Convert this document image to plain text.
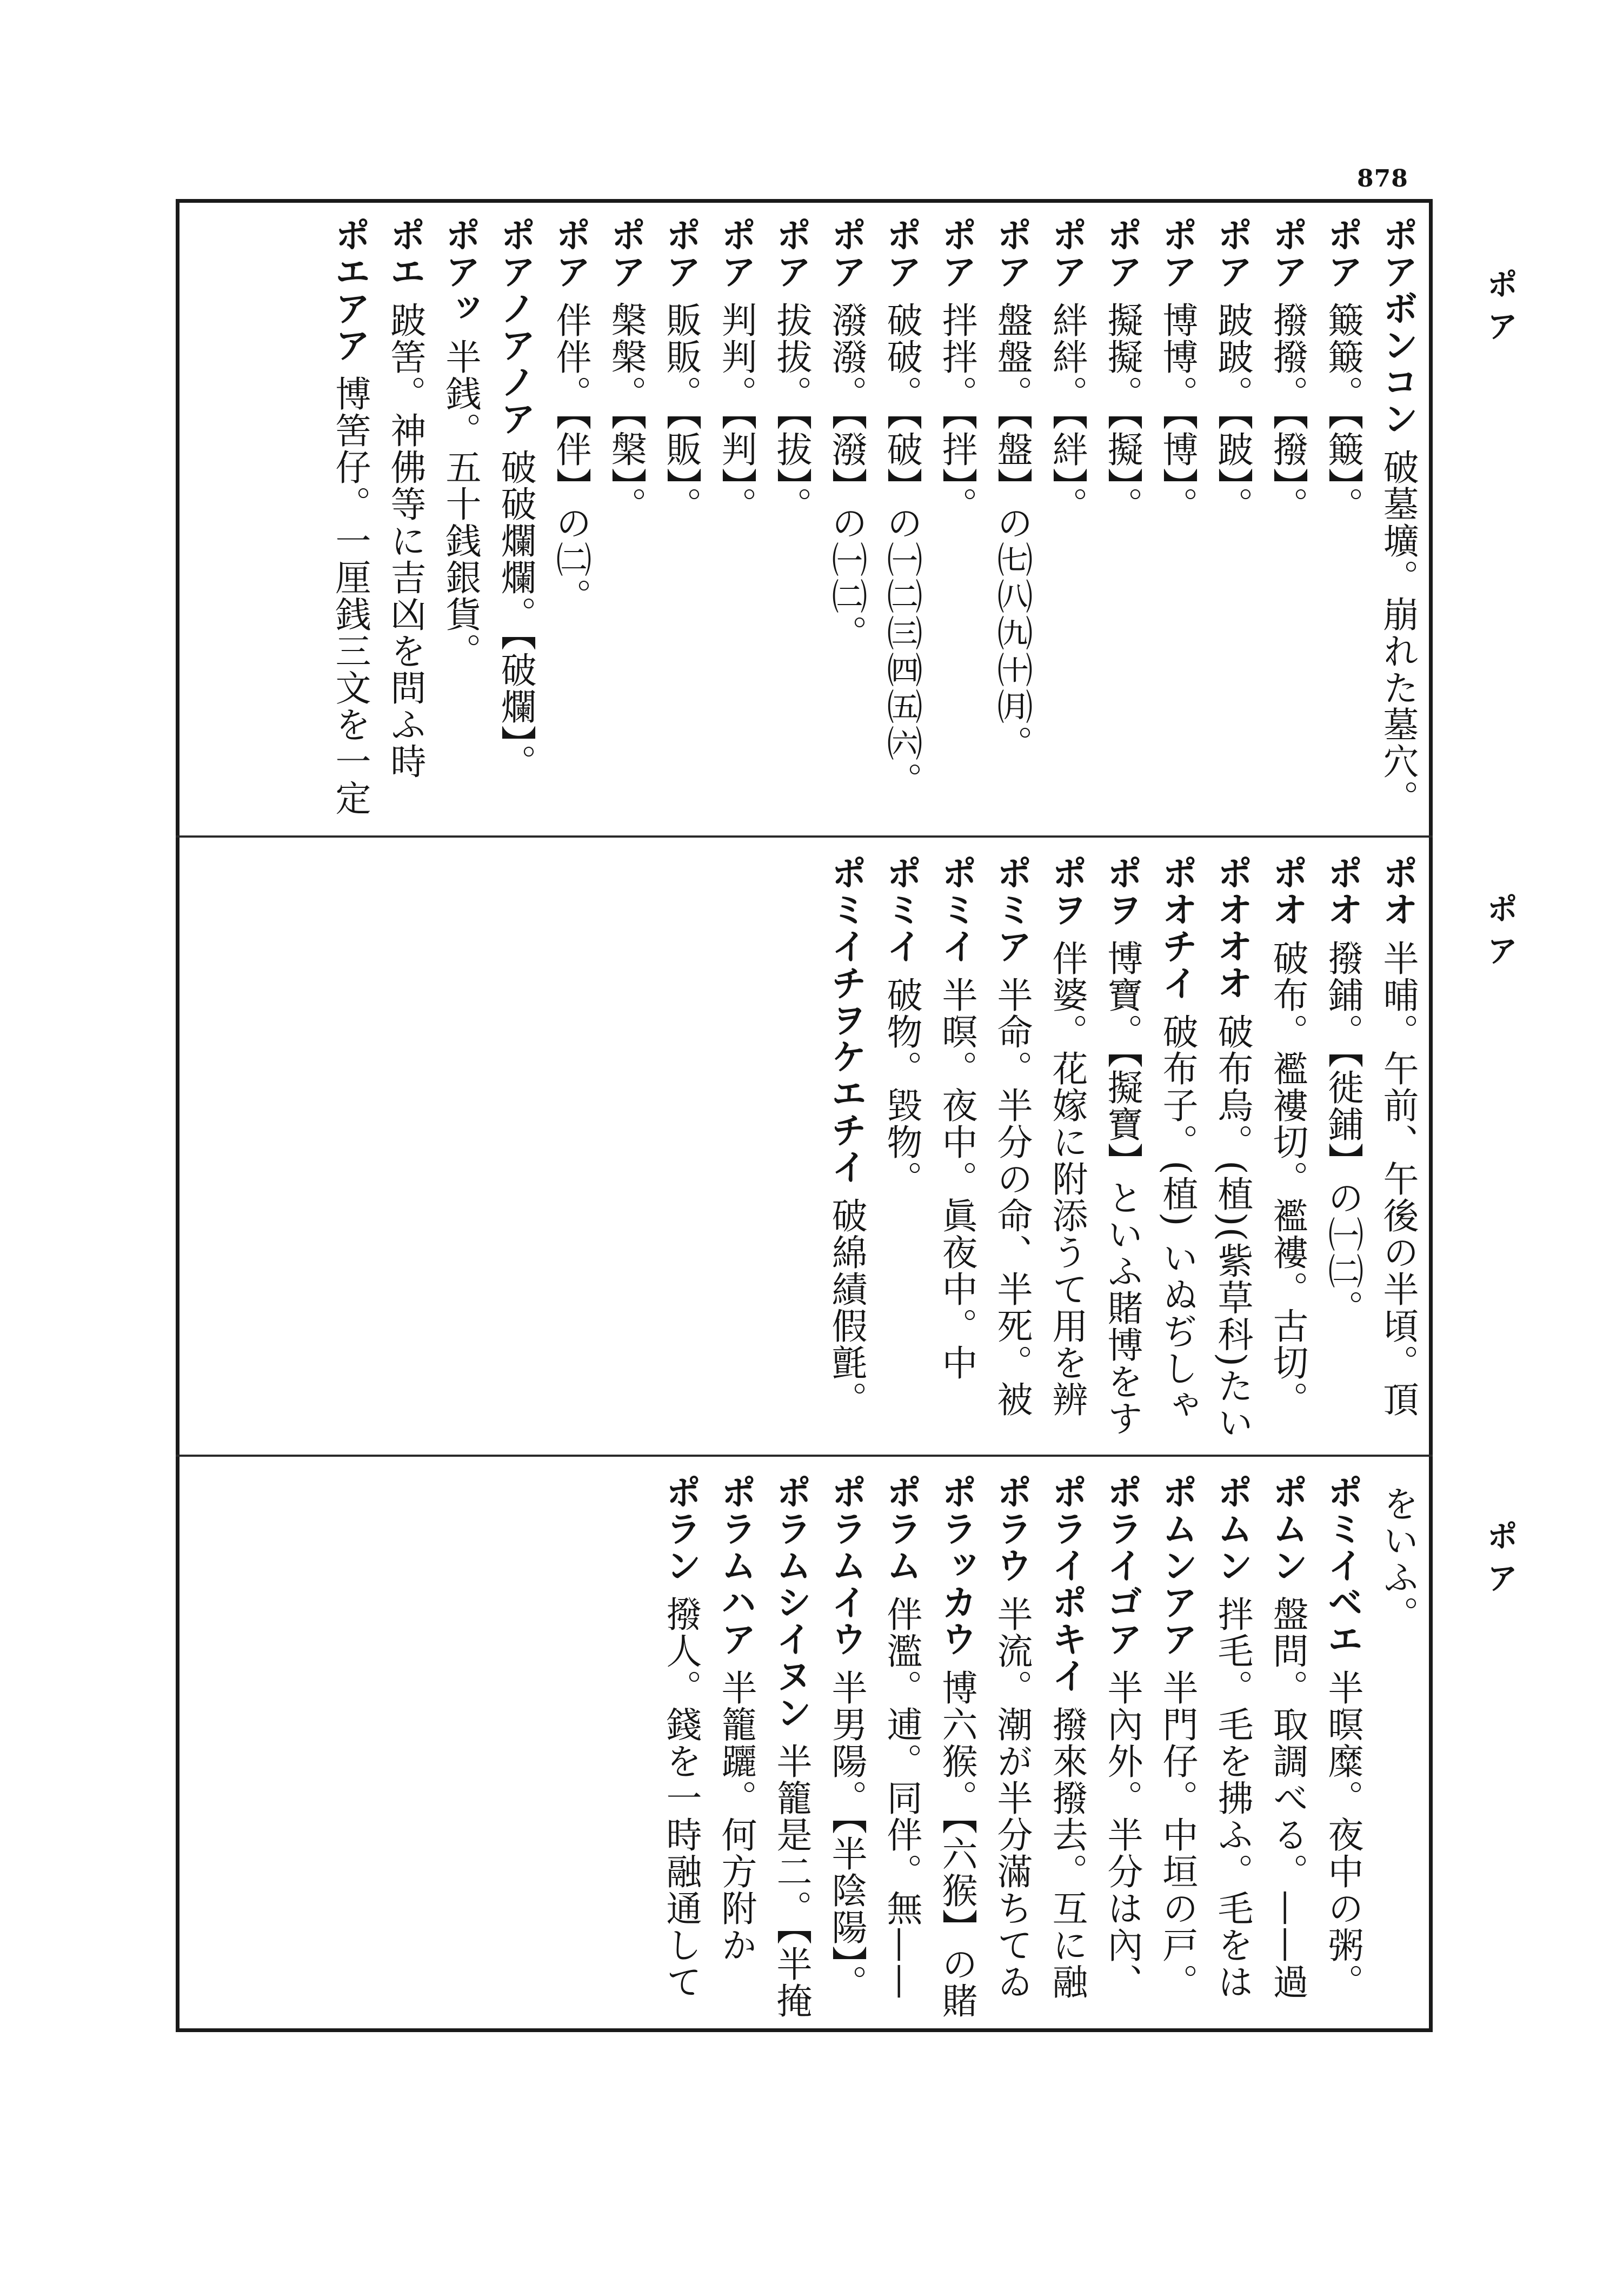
878
ポ ア
ポ ア
ポ ア
ポアボンコン破墓壙。崩れた墓穴。ポア簸簸。【簸】。ポア撥撥。【撥】。ポア跛跛。【跛】。ポア博博。【博】。ポア擬擬。【擬】。ポア絆絆。【絆】。ポア盤盤。【盤】の㈦㈧㈨㈩㈪。ポア拌拌。【拌】。ポア破破。【破】の㈠㈡㈢㈣㈤㈥。ポア潑潑。【潑】の㈠㈡。ポア拔拔。【拔】。ポア判判。【判】。ポア販販。【販】。ポア槃槃。【槃】。ポア伴伴。【伴】の㈡。ポアノアノア破破爛爛。【破爛】。ポアッ半銭。五十銭銀貨。ポエ跛筈。神佛等に吉凶を問ふ時ポエアア博筈仔。一厘銭三文を一定
ポオ半晡。午前、午後の半頃。頂ポオ撥鋪。【徙鋪】の㈠㈡。ポオ破布。襤褸切。襤褸。古切。ポオオオ破布烏。(植)(紫草科)たいポオチイ破布子。(植) いぬぢしゃポヲ博寶。【擬寶】といふ賭博をすポヲ伴婆。花嫁に附添うて用を辨ポミア半命。半分の命、半死。被ポミイ半暝。夜中。眞夜中。中ポミイ破物。毀物。ポミイチヲケエチイ破綿績假氈。
をいふ。ポミイベエ半暝糜。夜中の粥。ポムン盤問。取調べる。——過ポムン拌毛。毛を拂ふ。毛をはポムンアア半門仔。中垣の戸。ポライゴア半內外。半分は內、ポライポキイ撥來撥去。互に融ポラウ半流。潮が半分滿ちてゐポラッカウ博六猴。【六猴】の賭ポラム伴濫。逋。同伴。無——ポラムイウ半男陽。【半陰陽】。ポラムシイヌン半籠是二。【半掩ポラムハア半籠躧。何方附かポラン撥人。錢を一時融通して
